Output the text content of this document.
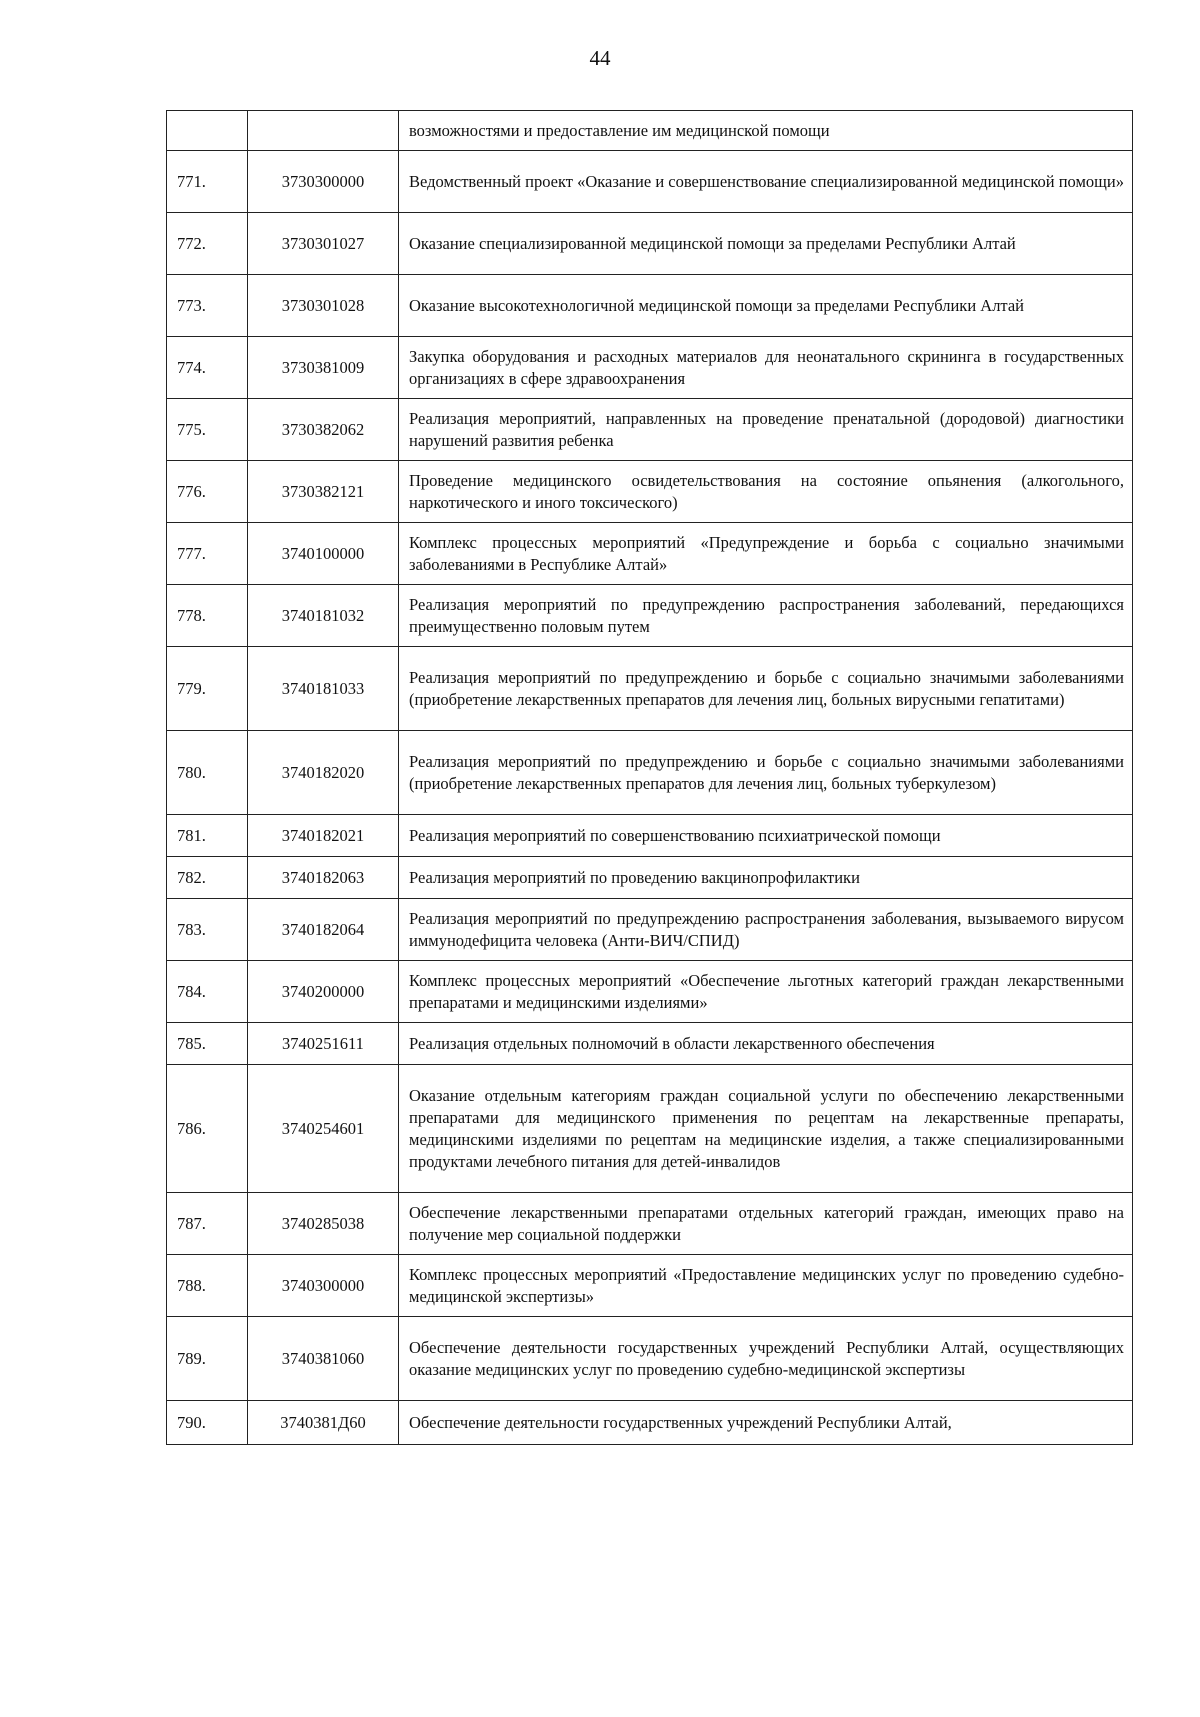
44
		возможностями и предоставление им медицинской помощи
771.	3730300000	Ведомственный проект «Оказание и совершенствование специализированной медицинской помощи»
772.	3730301027	Оказание специализированной медицинской помощи за пределами Республики Алтай
773.	3730301028	Оказание высокотехнологичной медицинской помощи за пределами Республики Алтай
774.	3730381009	Закупка оборудования и расходных материалов для неонатального скрининга в государственных организациях в сфере здравоохранения
775.	3730382062	Реализация мероприятий, направленных на проведение пренатальной (дородовой) диагностики нарушений развития ребенка
776.	3730382121	Проведение медицинского освидетельствования на состояние опьянения (алкогольного, наркотического и иного токсического)
777.	3740100000	Комплекс процессных мероприятий «Предупреждение и борьба с социально значимыми заболеваниями в Республике Алтай»
778.	3740181032	Реализация мероприятий по предупреждению распространения заболеваний, передающихся преимущественно половым путем
779.	3740181033	Реализация мероприятий по предупреждению и борьбе с социально значимыми заболеваниями (приобретение лекарственных препаратов для лечения лиц, больных вирусными гепатитами)
780.	3740182020	Реализация мероприятий по предупреждению и борьбе с социально значимыми заболеваниями (приобретение лекарственных препаратов для лечения лиц, больных туберкулезом)
781.	3740182021	Реализация мероприятий по совершенствованию психиатрической помощи
782.	3740182063	Реализация мероприятий по проведению вакцинопрофилактики
783.	3740182064	Реализация мероприятий по предупреждению распространения заболевания, вызываемого вирусом иммунодефицита человека (Анти-ВИЧ/СПИД)
784.	3740200000	Комплекс процессных мероприятий «Обеспечение льготных категорий граждан лекарственными препаратами и медицинскими изделиями»
785.	3740251611	Реализация отдельных полномочий в области лекарственного обеспечения
786.	3740254601	Оказание отдельным категориям граждан социальной услуги по обеспечению лекарственными препаратами для медицинского применения по рецептам на лекарственные препараты, медицинскими изделиями по рецептам на медицинские изделия, а также специализированными продуктами лечебного питания для детей-инвалидов
787.	3740285038	Обеспечение лекарственными препаратами отдельных категорий граждан, имеющих право на получение мер социальной поддержки
788.	3740300000	Комплекс процессных мероприятий «Предоставление медицинских услуг по проведению судебно-медицинской экспертизы»
789.	3740381060	Обеспечение деятельности государственных учреждений Республики Алтай, осуществляющих оказание медицинских услуг по проведению судебно-медицинской экспертизы
790.	3740381Д60	Обеспечение деятельности государственных учреждений Республики Алтай,
